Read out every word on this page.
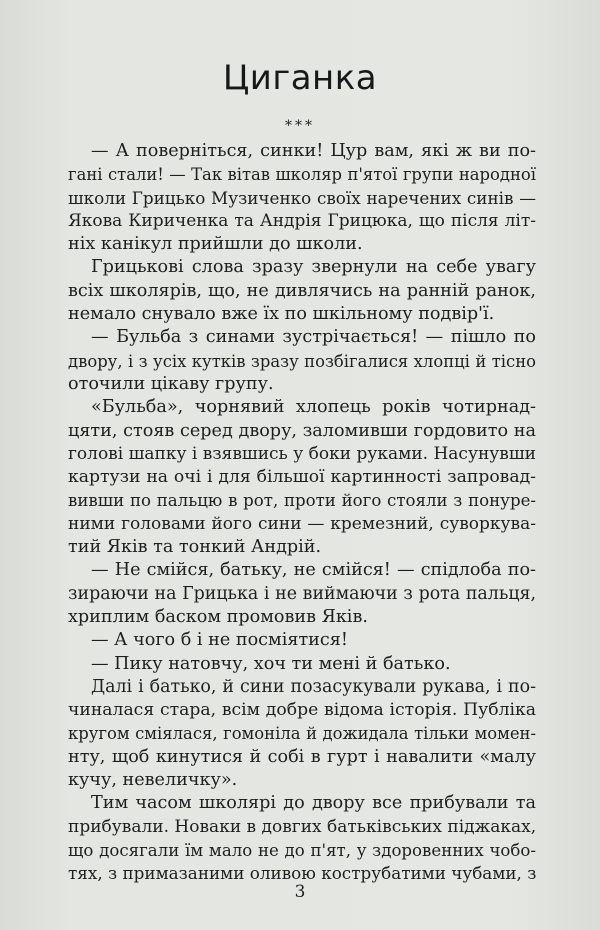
Циганка
***
— А поверніться, синки! Цур вам, які ж ви по-
гані стали! — Так вітав школяр п'ятої групи народної
школи Грицько Музиченко своїх наречених синів —
Якова Кириченка та Андрія Грицюка, що після літ-
ніх канікул прийшли до школи.
Грицькові слова зразу звернули на себе увагу
всіх школярів, що, не дивлячись на ранній ранок,
немало снувало вже їх по шкільному подвір'ї.
— Бульба з синами зустрічається! — пішло по
двору, і з усіх кутків зразу позбігалися хлопці й тісно
оточили цікаву групу.
«Бульба», чорнявий хлопець років чотирнад-
цяти, стояв серед двору, заломивши гордовито на
голові шапку і взявшись у боки руками. Насунувши
картузи на очі і для більшої картинності запровад-
вивши по пальцю в рот, проти його стояли з понуре-
ними головами його сини — кремезний, суворкува-
тий Яків та тонкий Андрій.
— Не смійся, батьку, не смійся! — спідлоба по-
зираючи на Грицька і не виймаючи з рота пальця,
хриплим баском промовив Яків.
— А чого б і не посміятися!
— Пику натовчу, хоч ти мені й батько.
Далі і батько, й сини позасукували рукава, і по-
чиналася стара, всім добре відома історія. Публіка
кругом сміялася, гомоніла й дожидала тільки момен-
нту, щоб кинутися й собі в гурт і навалити «малу
кучу, невеличку».
Тим часом школярі до двору все прибували та
прибували. Новаки в довгих батьківських піджаках,
що досягали їм мало не до п'ят, у здоровенних чобо-
тях, з примазаними оливою кострубатими чубами, з
3
